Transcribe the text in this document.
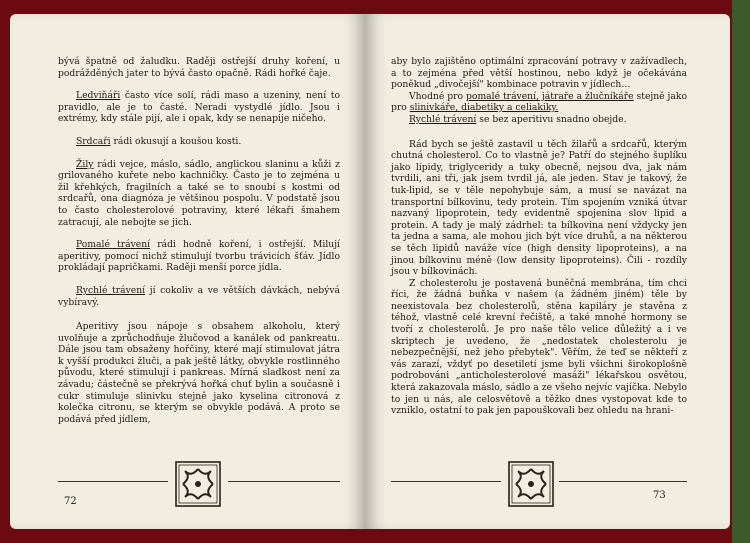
bývá špatně od žaludku. Raději ostřejší druhy koření, u podrážděných jater to bývá často opačně. Rádi hořké čaje.

Ledviňáři často více solí, rádi maso a uzeniny, není to pravidlo, ale je to časté. Neradi vystydlé jídlo. Jsou i extrémy, kdy stále pijí, ale i opak, kdy se nenapije ničeho.

Srdcaři rádi okusují a koušou kosti.

Žily rádi vejce, máslo, sádlo, anglickou slaninu a kůži z grilovaného kuřete nebo kachničky. Často je to zejména u žil křehkých, fragilních a také se to snoubí s kostmi od srdcařů, ona diagnóza je většinou pospolu. V podstatě jsou to často cholesterolové potraviny, které lékaři šmahem zatracují, ale nebojte se jich.

Pomalé trávení rádi hodně koření, i ostřejší. Milují aperitivy, pomocí nichž stimulují tvorbu trávicích šťáv. Jídlo prokládají papričkami. Raději menší porce jídla.

Rychlé trávení jí cokoliv a ve větších dávkách, nebývá vybíravý.

Aperitivy jsou nápoje s obsahem alkoholu, který uvolňuje a zprůchodňuje žlučovod a kanálek od pankreatu. Dále jsou tam obsaženy hořčiny, které mají stimulovat játra k vyšší produkci žluči, a pak ještě látky, obvykle rostlinného původu, které stimulují i pankreas. Mírná sladkost není za závadu; částečně se překrývá hořká chuť bylin a současně i cukr stimuluje slinivku stejně jako kyselina citronová z kolečka citronu, se kterým se obvykle podává. A proto se podává před jídlem,

72

aby bylo zajištěno optimální zpracování potravy v zažívadlech, a to zejména před větší hostinou, nebo když je očekávána poněkud „divočejší" kombinace potravin v jídlech…

Vhodné pro pomalé trávení, játraře a žlučníkáře stejně jako pro slinivkáře, diabetiky a celiakiky.

Rychlé trávení se bez aperitivu snadno obejde.

Rád bych se ještě zastavil u těch žilařů a srdcařů, kterým chutná cholesterol. Co to vlastně je? Patří do stejného šuplíku jako lipidy, triglyceridy a tuky obecně, nejsou dva, jak nám tvrdili, ani tři, jak jsem tvrdil já, ale jeden. Stav je takový, že tuk-lipid, se v těle nepohybuje sám, a musí se navázat na transportní bílkovinu, tedy protein. Tím spojením vzniká útvar nazvaný lipoprotein, tedy evidentně spojenina slov lipid a protein. A tady je malý zádrhel: ta bílkovina není vždycky jen ta jedna a sama, ale mohou jich být více druhů, a na některou se těch lipidů naváže více (high density lipoproteins), a na jinou bílkovinu méně (low density lipoproteins). Čili - rozdíly jsou v bílkovinách.

Z cholesterolu je postavená buněčná membrána, tím chci říci, že žádná buňka v našem (a žádném jiném) těle by neexistovala bez cholesterolů, stěna kapiláry je stavěna z téhož, vlastně celé krevní řečiště, a také mnohé hormony se tvoří z cholesterolů. Je pro naše tělo velice důležitý a i ve skriptech je uvedeno, že „nedostatek cholesterolu je nebezpečnější, než jeho přebytek". Věřím, že teď se někteří z vás zarazí, vždyť po desetiletí jsme byli všichni širokoplošně podrobováni „anticholesterolové masáži" lékařskou osvětou, která zakazovala máslo, sádlo a ze všeho nejvíc vajíčka. Nebylo to jen u nás, ale celosvětově a těžko dnes vystopovat kde to vzniklo, ostatní to pak jen papouškovali bez ohledu na hrani-

73
